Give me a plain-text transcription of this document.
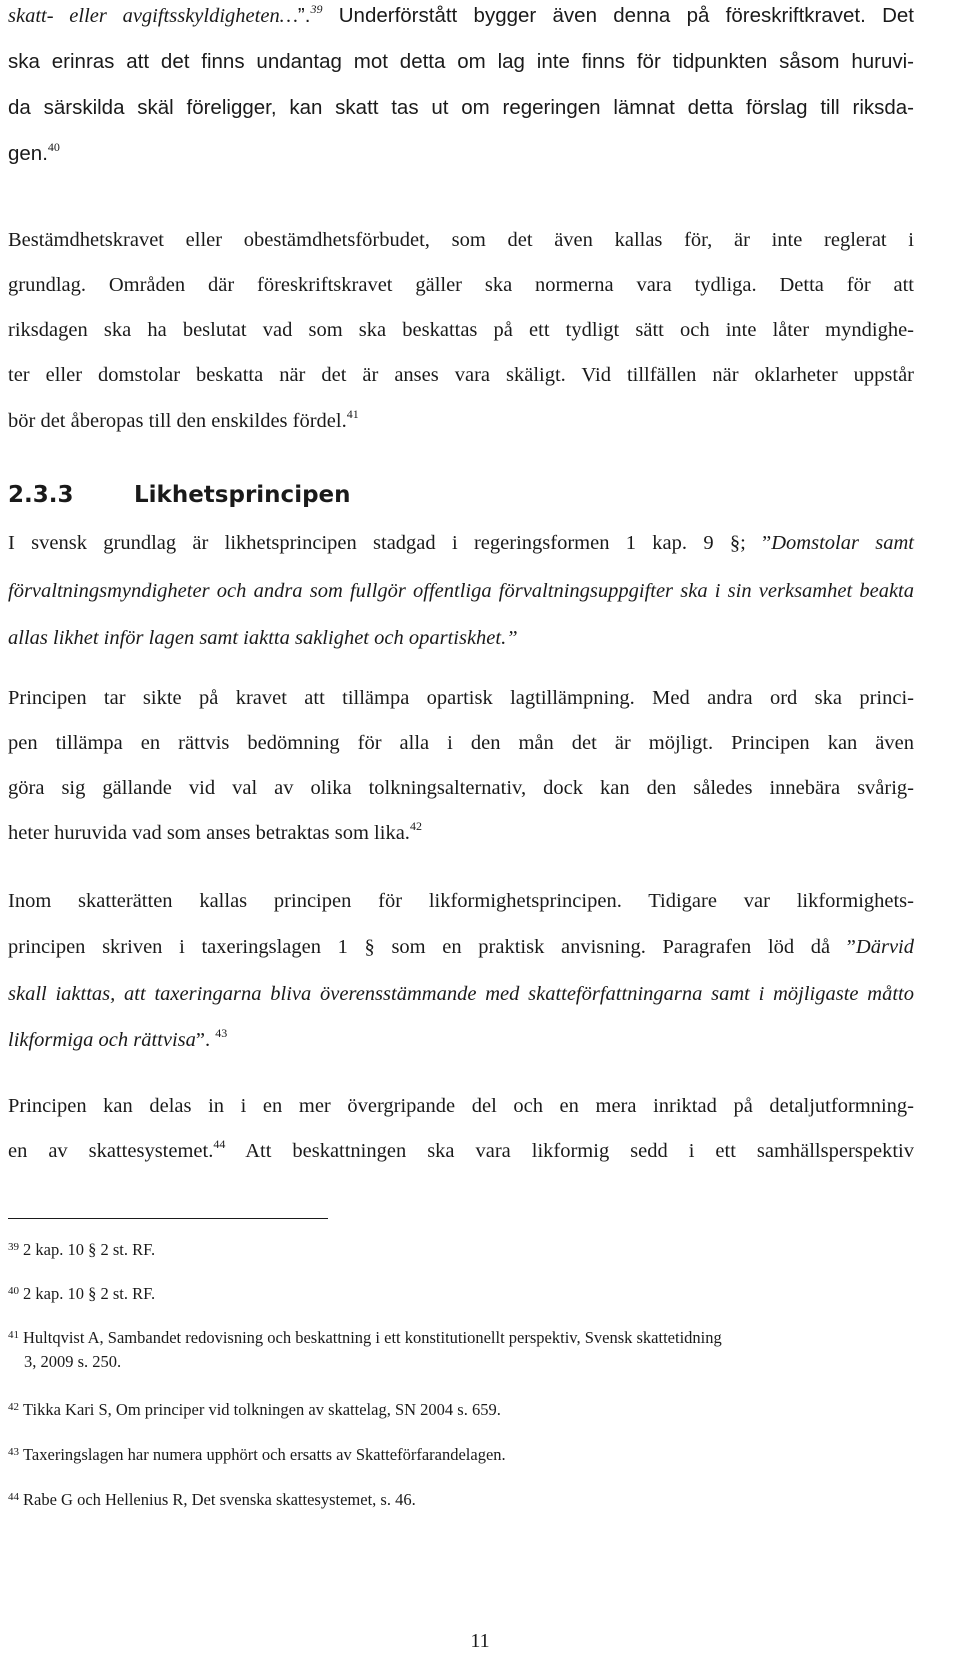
skatt- eller avgiftsskyldigheten…”.$^{39}$ Underförstått bygger även denna på föreskriftkravet. Det
ska erinras att det finns undantag mot detta om lag inte finns för tidpunkten såsom huruvi-
da särskilda skäl föreligger, kan skatt tas ut om regeringen lämnat detta förslag till riksda-
gen.$^{40}$
Bestämdhetskravet eller obestämdhetsförbudet, som det även kallas för, är inte reglerat i
grundlag. Områden där föreskriftskravet gäller ska normerna vara tydliga. Detta för att
riksdagen ska ha beslutat vad som ska beskattas på ett tydligt sätt och inte låter myndighe-
ter eller domstolar beskatta när det är anses vara skäligt. Vid tillfällen när oklarheter uppstår
bör det åberopas till den enskildes fördel.$^{41}$
2.3.3	Likhetsprincipen
I svensk grundlag är likhetsprincipen stadgad i regeringsformen 1 kap. 9 §; ”Domstolar samt
förvaltningsmyndigheter och andra som fullgör offentliga förvaltningsuppgifter ska i sin verksamhet beakta
allas likhet inför lagen samt iaktta saklighet och opartiskhet.”
Principen tar sikte på kravet att tillämpa opartisk lagtillämpning. Med andra ord ska princi-
pen tillämpa en rättvis bedömning för alla i den mån det är möjligt. Principen kan även
göra sig gällande vid val av olika tolkningsalternativ, dock kan den således innebära svårig-
heter huruvida vad som anses betraktas som lika.$^{42}$
Inom skatterätten kallas principen för likformighetsprincipen. Tidigare var likformighets-
principen skriven i taxeringslagen 1 § som en praktisk anvisning. Paragrafen löd då ”Därvid
skall iakttas, att taxeringarna bliva överensstämmande med skatteförfattningarna samt i möjligaste måtto
likformiga och rättvisa”. $^{43}$
Principen kan delas in i en mer övergripande del och en mera inriktad på detaljutformning-
en av skattesystemet.$^{44}$ Att beskattningen ska vara likformig sedd i ett samhällsperspektiv
$^{39}$ 2 kap. 10 § 2 st. RF.
$^{40}$ 2 kap. 10 § 2 st. RF.
$^{41}$ Hultqvist A, Sambandet redovisning och beskattning i ett konstitutionellt perspektiv, Svensk skattetidning
3, 2009 s. 250.
$^{42}$ Tikka Kari S, Om principer vid tolkningen av skattelag, SN 2004 s. 659.
$^{43}$ Taxeringslagen har numera upphört och ersatts av Skatteförfarandelagen.
$^{44}$ Rabe G och Hellenius R, Det svenska skattesystemet, s. 46.
11
